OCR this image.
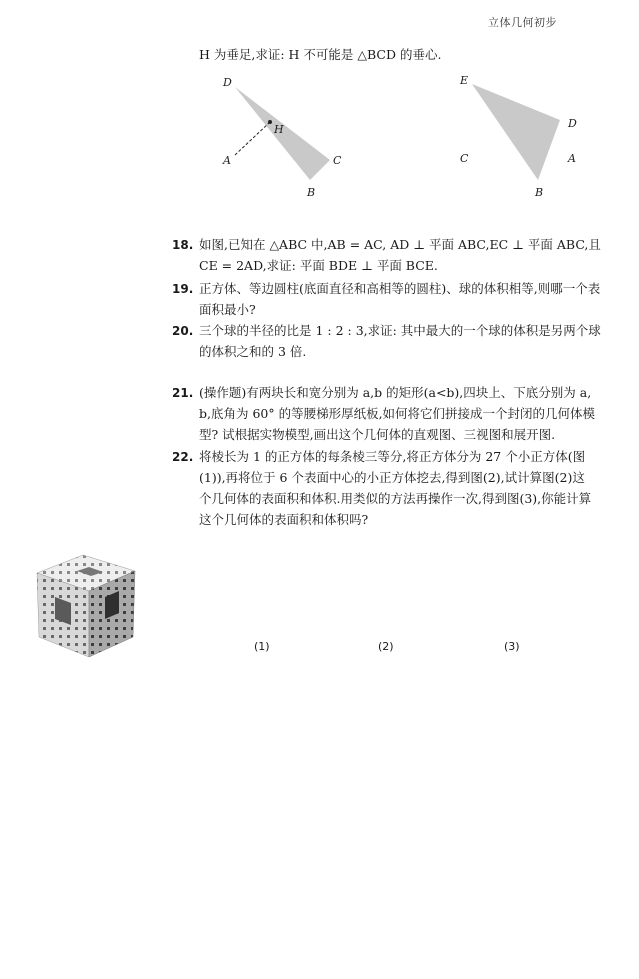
立体几何初步
H 为垂足,求证: H 不可能是 △BCD 的垂心.
D
H
A	C
B
E
D
C	A
B
18. 如图,已知在 △ABC 中,AB = AC, AD ⊥ 平面 ABC,EC ⊥ 平面 ABC,且
CE = 2AD,求证: 平面 BDE ⊥ 平面 BCE.
19. 正方体、等边圆柱(底面直径和高相等的圆柱)、球的体积相等,则哪一个表
面积最小?
20. 三个球的半径的比是 1 : 2 : 3,求证: 其中最大的一个球的体积是另两个球
的体积之和的 3 倍.
21. (操作题)有两块长和宽分别为 a,b 的矩形(a<b),四块上、下底分别为 a,
b,底角为 60° 的等腰梯形厚纸板,如何将它们拼接成一个封闭的几何体模
型? 试根据实物模型,画出这个几何体的直观图、三视图和展开图.
22. 将棱长为 1 的正方体的每条棱三等分,将正方体分为 27 个小正方体(图
(1)),再将位于 6 个表面中心的小正方体挖去,得到图(2),试计算图(2)这
个几何体的表面积和体积.用类似的方法再操作一次,得到图(3),你能计算
这个几何体的表面积和体积吗?
(1)	(2)	(3)
